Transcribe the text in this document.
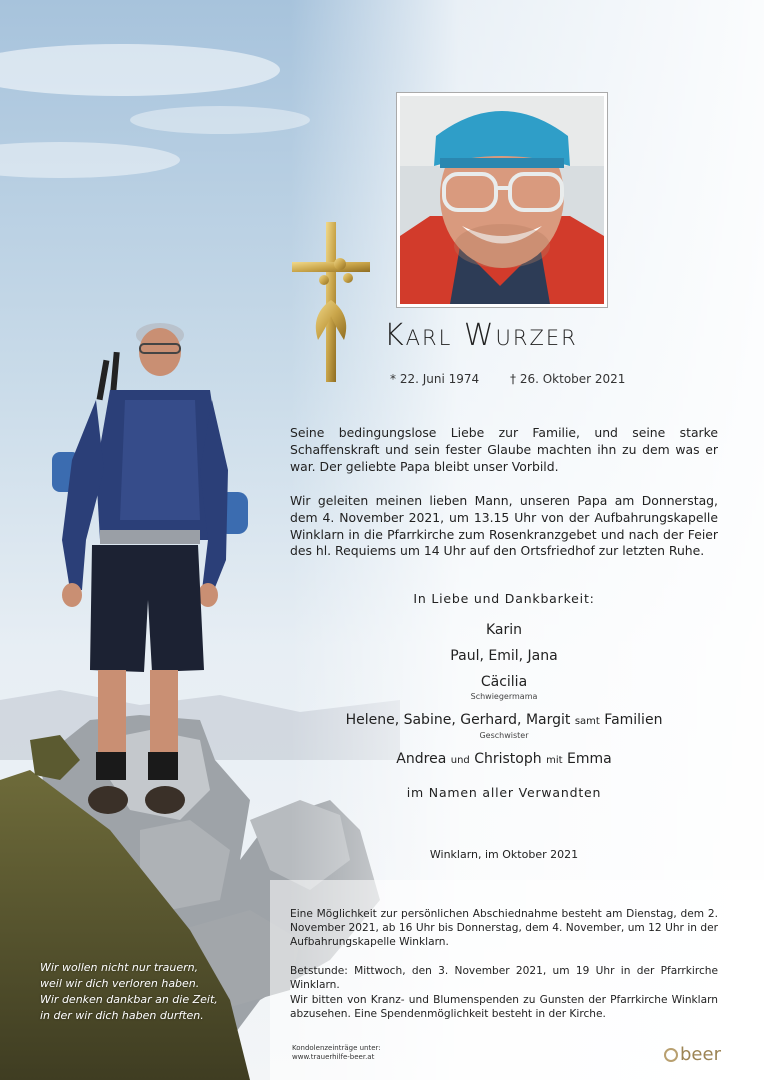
Karl Wurzer
* 22. Juni 1974	† 26. Oktober 2021
Seine bedingungslose Liebe zur Familie, und seine starke Schaffenskraft und sein fester Glaube machten ihn zu dem was er war. Der geliebte Papa bleibt unser Vorbild.
Wir geleiten meinen lieben Mann, unseren Papa am Donnerstag, dem 4. November 2021, um 13.15 Uhr von der Aufbahrungskapelle Winklarn in die Pfarrkirche zum Rosenkranzgebet und nach der Feier des hl. Requiems um 14 Uhr auf den Ortsfriedhof zur letzten Ruhe.
In Liebe und Dankbarkeit:
Karin
Paul, Emil, Jana
Cäcilia
Schwiegermama
Helene, Sabine, Gerhard, Margit samt Familien
Geschwister
Andrea und Christoph mit Emma
im Namen aller Verwandten
Winklarn, im Oktober 2021
Eine Möglichkeit zur persönlichen Abschiednahme besteht am Dienstag, dem 2. November 2021, ab 16 Uhr bis Donnerstag, dem 4. November, um 12 Uhr in der Aufbahrungskapelle Winklarn.
Betstunde: Mittwoch, den 3. November 2021, um 19 Uhr in der Pfarrkirche Winklarn.
Wir bitten von Kranz- und Blumenspenden zu Gunsten der Pfarrkirche Winklarn abzusehen. Eine Spendenmöglichkeit besteht in der Kirche.
Wir wollen nicht nur trauern,
weil wir dich verloren haben.
Wir denken dankbar an die Zeit,
in der wir dich haben durften.
Kondolenzeinträge unter:
www.trauerhilfe-beer.at	beer
